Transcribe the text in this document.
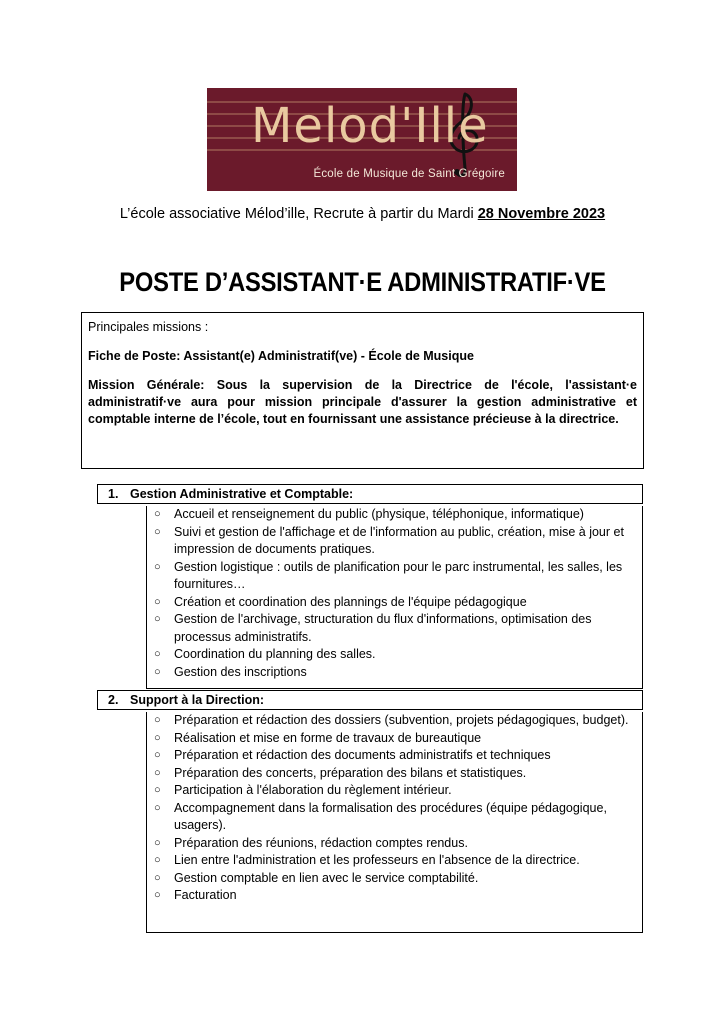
Melod'Ille
École de Musique de Saint Grégoire
L’école associative Mélod’ille, Recrute à partir du Mardi 28 Novembre 2023
POSTE D’ASSISTANT·E ADMINISTRATIF·VE

Principales missions :

Fiche de Poste: Assistant(e) Administratif(ve) - École de Musique

Mission Générale: Sous la supervision de la Directrice de l'école, l'assistant·e administratif·ve aura pour mission principale d'assurer la gestion administrative et comptable interne de l’école, tout en fournissant une assistance précieuse à la directrice.

1. Gestion Administrative et Comptable:
○ Accueil et renseignement du public (physique, téléphonique, informatique)
○ Suivi et gestion de l'affichage et de l'information au public, création, mise à jour et impression de documents pratiques.
○ Gestion logistique : outils de planification pour le parc instrumental, les salles, les fournitures…
○ Création et coordination des plannings de l'équipe pédagogique
○ Gestion de l'archivage, structuration du flux d'informations, optimisation des processus administratifs.
○ Coordination du planning des salles.
○ Gestion des inscriptions
2. Support à la Direction:
○ Préparation et rédaction des dossiers (subvention, projets pédagogiques, budget).
○ Réalisation et mise en forme de travaux de bureautique
○ Préparation et rédaction des documents administratifs et techniques
○ Préparation des concerts, préparation des bilans et statistiques.
○ Participation à l'élaboration du règlement intérieur.
○ Accompagnement dans la formalisation des procédures (équipe pédagogique, usagers).
○ Préparation des réunions, rédaction comptes rendus.
○ Lien entre l'administration et les professeurs en l'absence de la directrice.
○ Gestion comptable en lien avec le service comptabilité.
○ Facturation
